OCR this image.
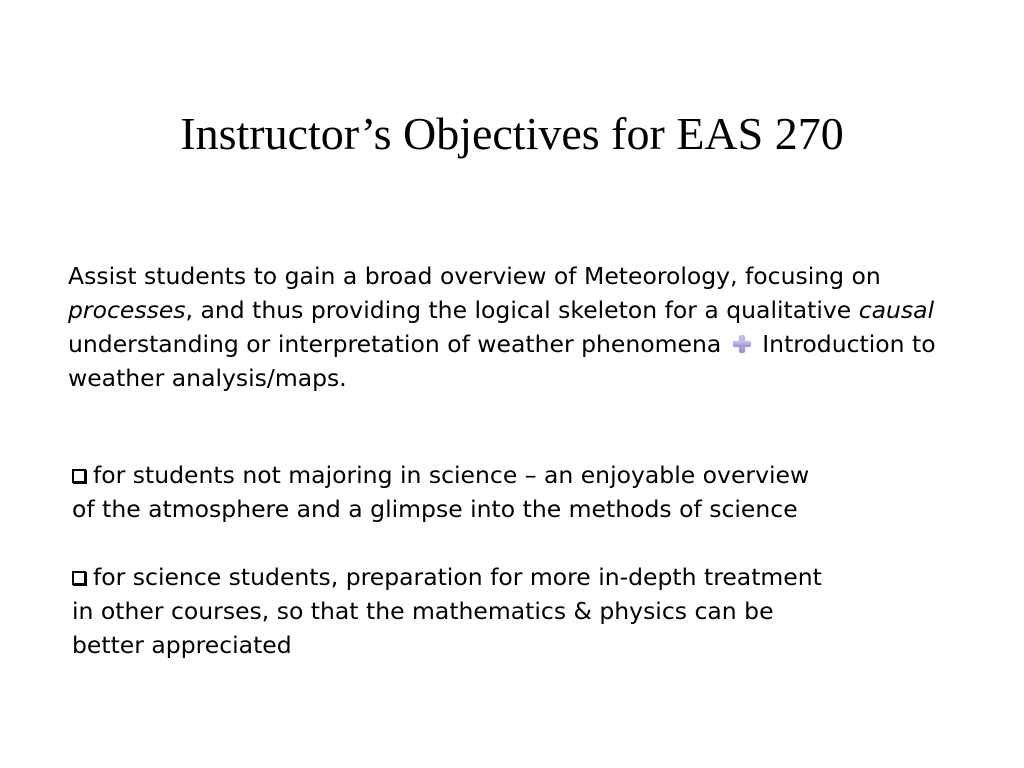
Instructor’s Objectives for EAS 270
Assist students to gain a broad overview of Meteorology, focusing on
processes, and thus providing the logical skeleton for a qualitative causal
understanding or interpretation of weather phenomena Introduction to
weather analysis/maps.
for students not majoring in science – an enjoyable overview
of the atmosphere and a glimpse into the methods of science
for science students, preparation for more in-depth treatment
in other courses, so that the mathematics & physics can be
better appreciated
